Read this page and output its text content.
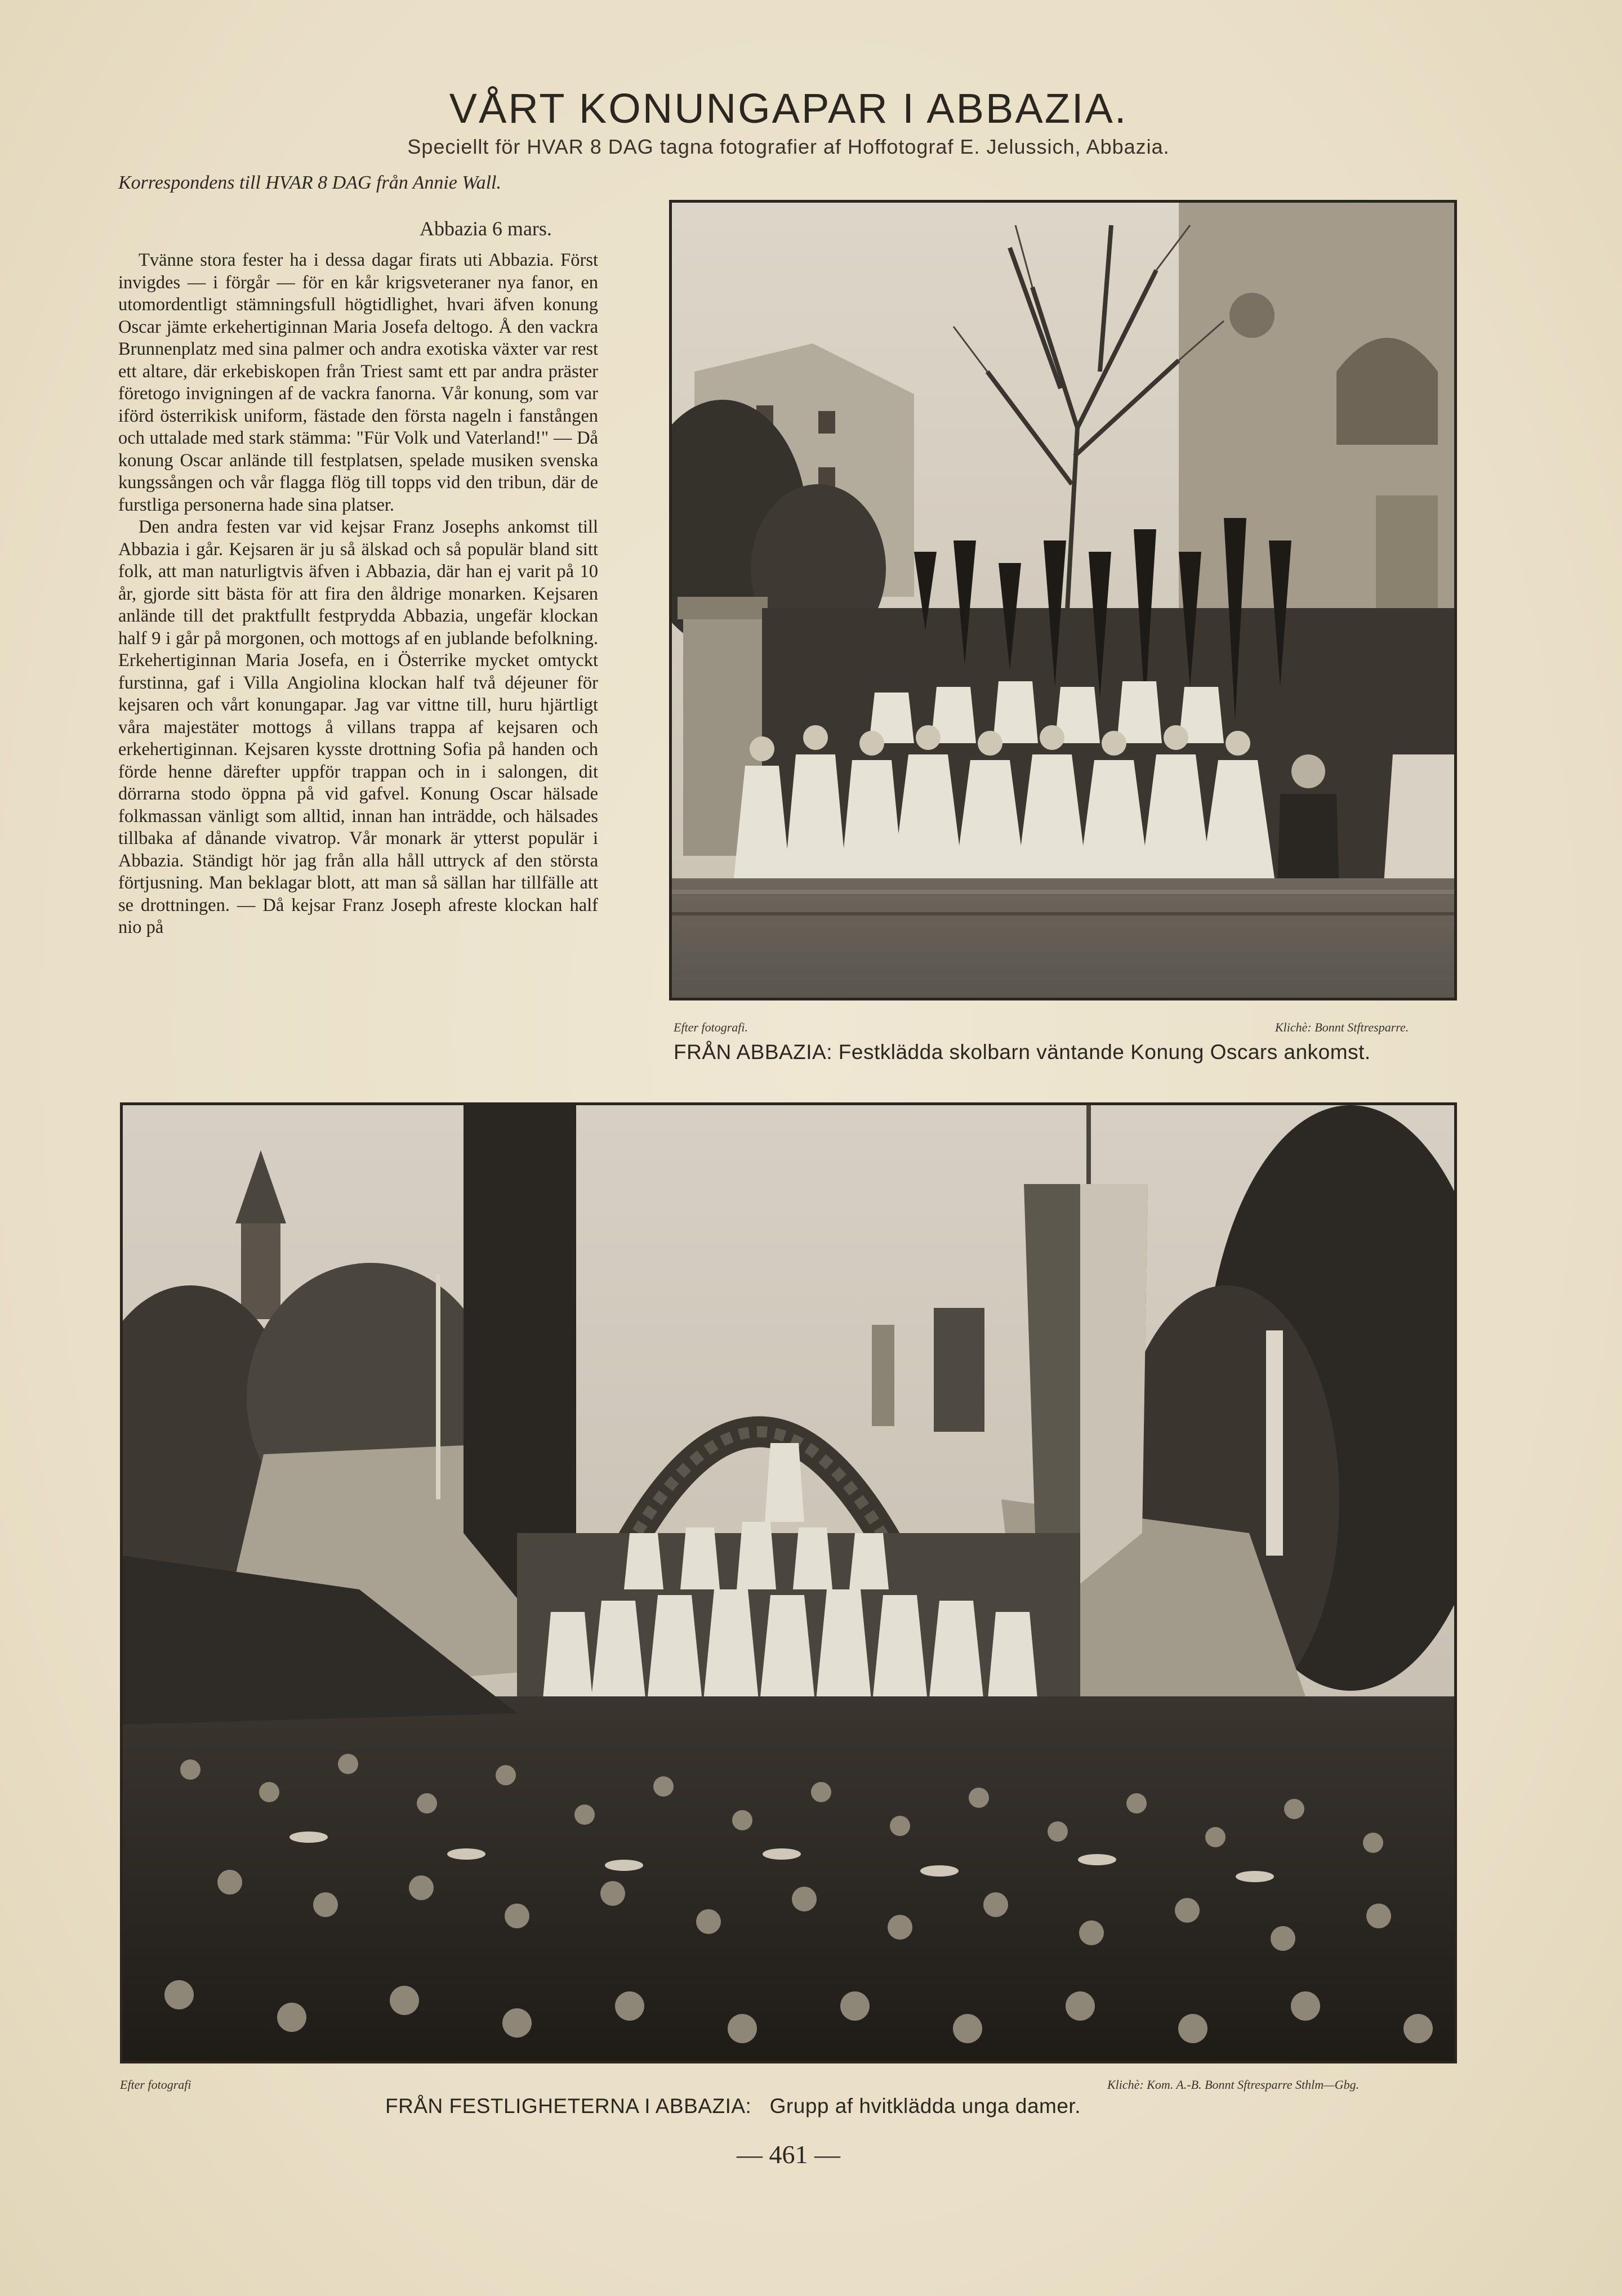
VÅRT KONUNGAPAR I ABBAZIA.
Speciellt för HVAR 8 DAG tagna fotografier af Hoffotograf E. Jelussich, Abbazia.
Korrespondens till HVAR 8 DAG från Annie Wall.
Abbazia 6 mars.

Tvänne stora fester ha i dessa dagar firats uti Abbazia. Först invigdes — i förgår — för en kår krigsveteraner nya fanor, en utomordentligt stämningsfull högtidlighet, hvari äfven konung Oscar jämte erkehertiginnan Maria Josefa deltogo. Å den vackra Brunnenplatz med sina palmer och andra exotiska växter var rest ett altare, där erkebiskopen från Triest samt ett par andra präster företogo invigningen af de vackra fanorna. Vår konung, som var iförd österrikisk uniform, fästade den första nageln i fanstången och uttalade med stark stämma: "Für Volk und Vaterland!" — Då konung Oscar anlände till festplatsen, spelade musiken svenska kungssången och vår flagga flög till topps vid den tribun, där de furstliga personerna hade sina platser.

Den andra festen var vid kejsar Franz Josephs ankomst till Abbazia i går. Kejsaren är ju så älskad och så populär bland sitt folk, att man naturligtvis äfven i Abbazia, där han ej varit på 10 år, gjorde sitt bästa för att fira den åldrige monarken. Kejsaren anlände till det praktfullt festprydda Abbazia, ungefär klockan half 9 i går på morgonen, och mottogs af en jublande befolkning. Erkehertiginnan Maria Josefa, en i Österrike mycket omtyckt furstinna, gaf i Villa Angiolina klockan half två déjeuner för kejsaren och vårt konungapar. Jag var vittne till, huru hjärtligt våra majestäter mottogs å villans trappa af kejsaren och erkehertiginnan. Kejsaren kysste drottning Sofia på handen och förde henne därefter uppför trappan och in i salongen, dit dörrarna stodo öppna på vid gafvel. Konung Oscar hälsade folkmassan vänligt som alltid, innan han inträdde, och hälsades tillbaka af dånande vivatrop. Vår monark är ytterst populär i Abbazia. Ständigt hör jag från alla håll uttryck af den största förtjusning. Man beklagar blott, att man så sällan har tillfälle att se drottningen. — Då kejsar Franz Joseph afreste klockan half nio på

Efter fotografi.	Klichè: Bonnt Stftresparre.
FRÅN ABBAZIA: Festklädda skolbarn väntande Konung Oscars ankomst.
Efter fotografi	Klichè: Kom. A.-B. Bonnt Sftresparre Sthlm—Gbg.
FRÅN FESTLIGHETERNA I ABBAZIA:   Grupp af hvitklädda unga damer.
— 461 —
